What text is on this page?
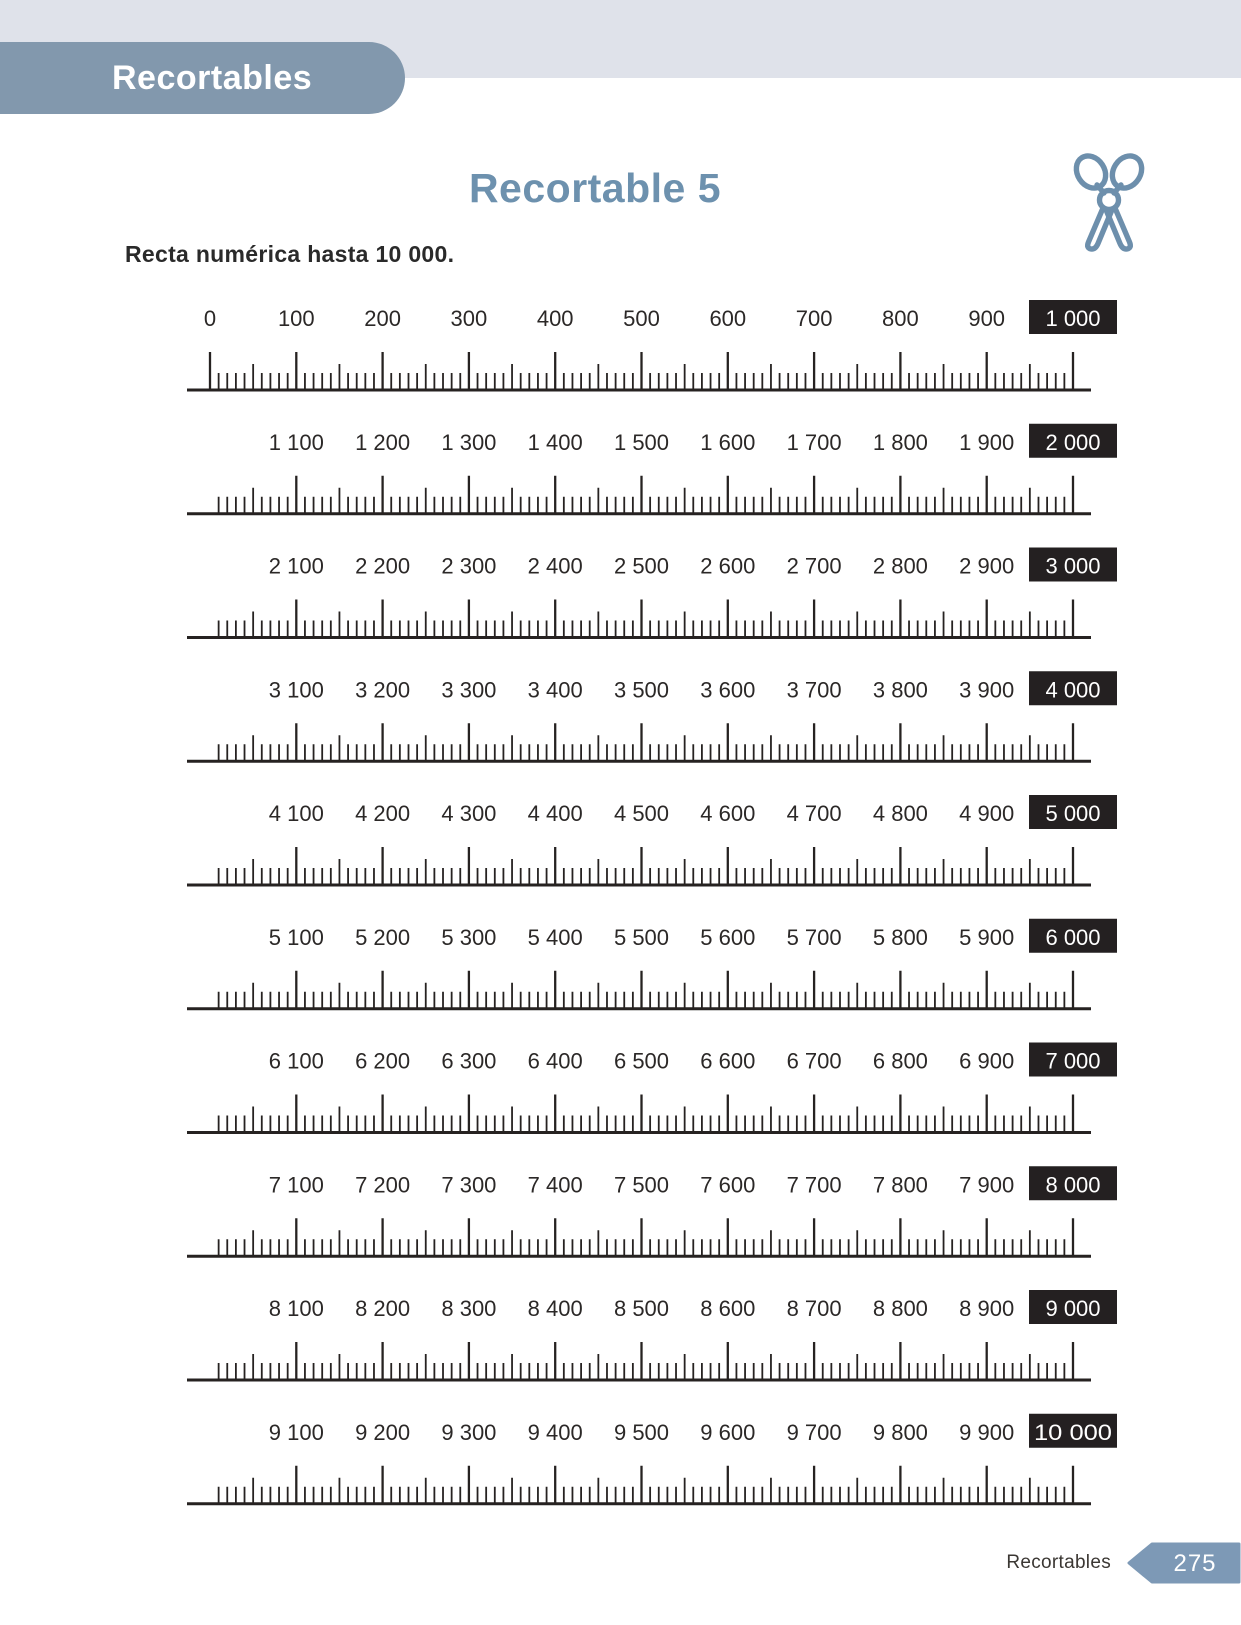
Recortables
Recortable 5
Recta numérica hasta 10 000.
0	100 200 300 400 500 600 700 800 900 1 000
1 100 1 200 1 300 1 400 1 500 1 600 1 700 1 800 1 900 2 000
2 100 2 200 2 300 2 400 2 500 2 600 2 700 2 800 2 900 3 000
3 100 3 200 3 300 3 400 3 500 3 600 3 700 3 800 3 900 4 000
4 100 4 200 4 300 4 400 4 500 4 600 4 700 4 800 4 900 5 000
5 100 5 200 5 300 5 400 5 500 5 600 5 700 5 800 5 900 6 000
6 100 6 200 6 300 6 400 6 500 6 600 6 700 6 800 6 900 7 000
7 100 7 200 7 300 7 400 7 500 7 600 7 700 7 800 7 900 8 000
8 100 8 200 8 300 8 400 8 500 8 600 8 700 8 800 8 900 9 000
9 100 9 200 9 300 9 400 9 500 9 600 9 700 9 800 9 900 10 000
Recortables	275
